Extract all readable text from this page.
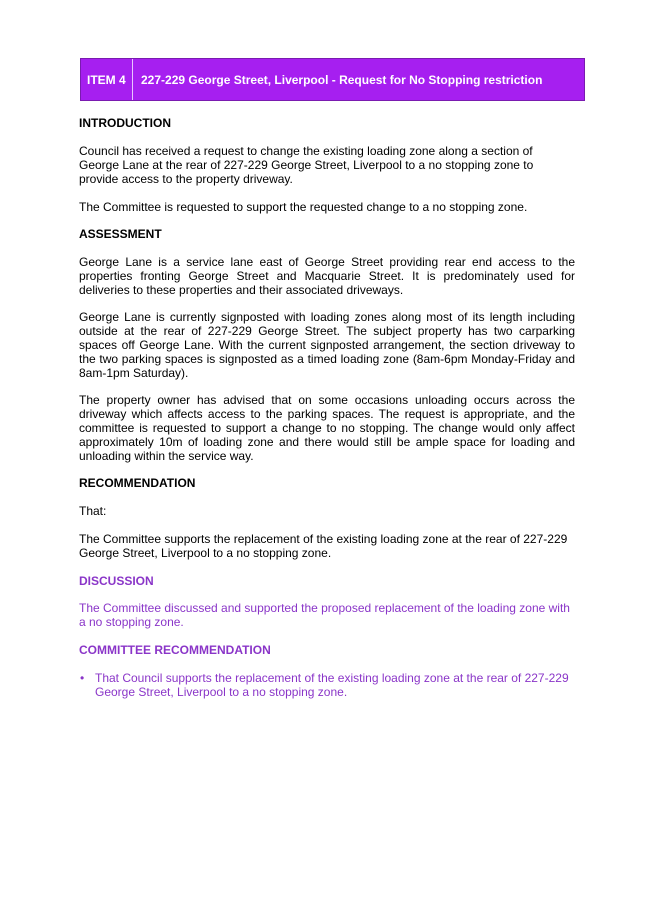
ITEM 4	227-229 George Street, Liverpool - Request for No Stopping restriction
INTRODUCTION
Council has received a request to change the existing loading zone along a section of George Lane at the rear of 227-229 George Street, Liverpool to a no stopping zone to provide access to the property driveway.
The Committee is requested to support the requested change to a no stopping zone.
ASSESSMENT
George Lane is a service lane east of George Street providing rear end access to the properties fronting George Street and Macquarie Street. It is predominately used for deliveries to these properties and their associated driveways.
George Lane is currently signposted with loading zones along most of its length including outside at the rear of 227-229 George Street. The subject property has two carparking spaces off George Lane. With the current signposted arrangement, the section driveway to the two parking spaces is signposted as a timed loading zone (8am-6pm Monday-Friday and 8am-1pm Saturday).
The property owner has advised that on some occasions unloading occurs across the driveway which affects access to the parking spaces. The request is appropriate, and the committee is requested to support a change to no stopping. The change would only affect approximately 10m of loading zone and there would still be ample space for loading and unloading within the service way.
RECOMMENDATION
That:
The Committee supports the replacement of the existing loading zone at the rear of 227-229 George Street, Liverpool to a no stopping zone.
DISCUSSION
The Committee discussed and supported the proposed replacement of the loading zone with a no stopping zone.
COMMITTEE RECOMMENDATION
• That Council supports the replacement of the existing loading zone at the rear of 227-229 George Street, Liverpool to a no stopping zone.
